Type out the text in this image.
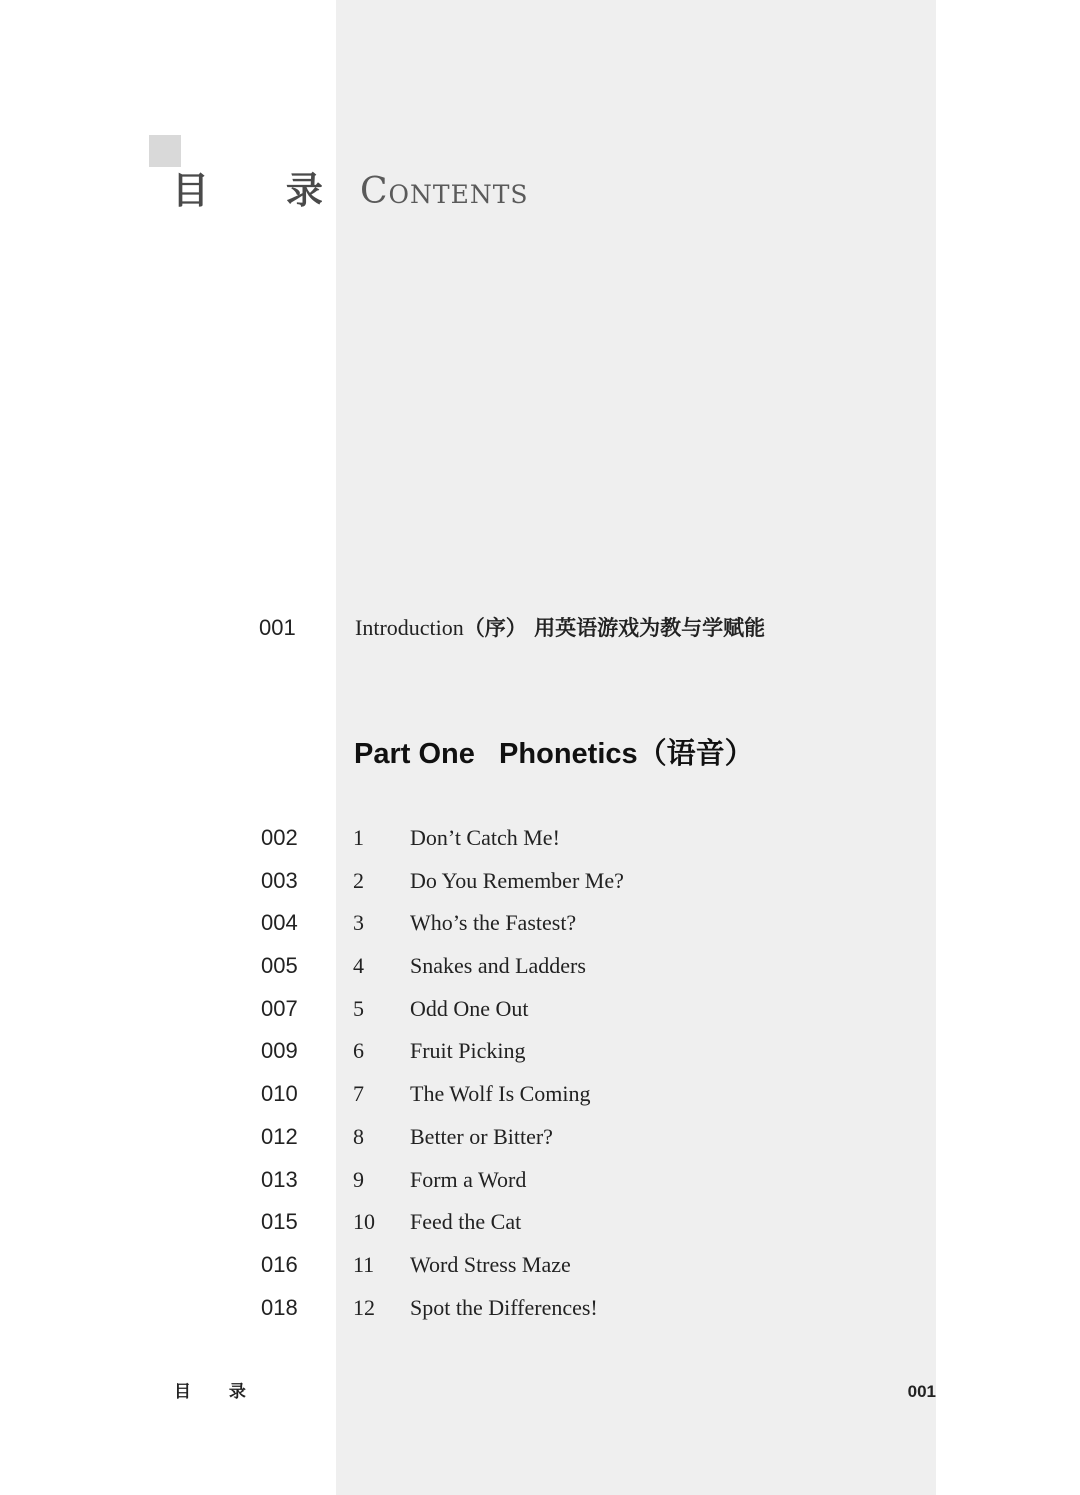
目 录 Contents
001	Introduction（序） 用英语游戏为教与学赋能
Part One   Phonetics（语音）
002	1 Don’t Catch Me!
003	2 Do You Remember Me?
004	3 Who’s the Fastest?
005	4 Snakes and Ladders
007	5 Odd One Out
009	6 Fruit Picking
010	7 The Wolf Is Coming
012	8 Better or Bitter?
013	9 Form a Word
015	10 Feed the Cat
016	11 Word Stress Maze
018	12 Spot the Differences!
目 录	001
